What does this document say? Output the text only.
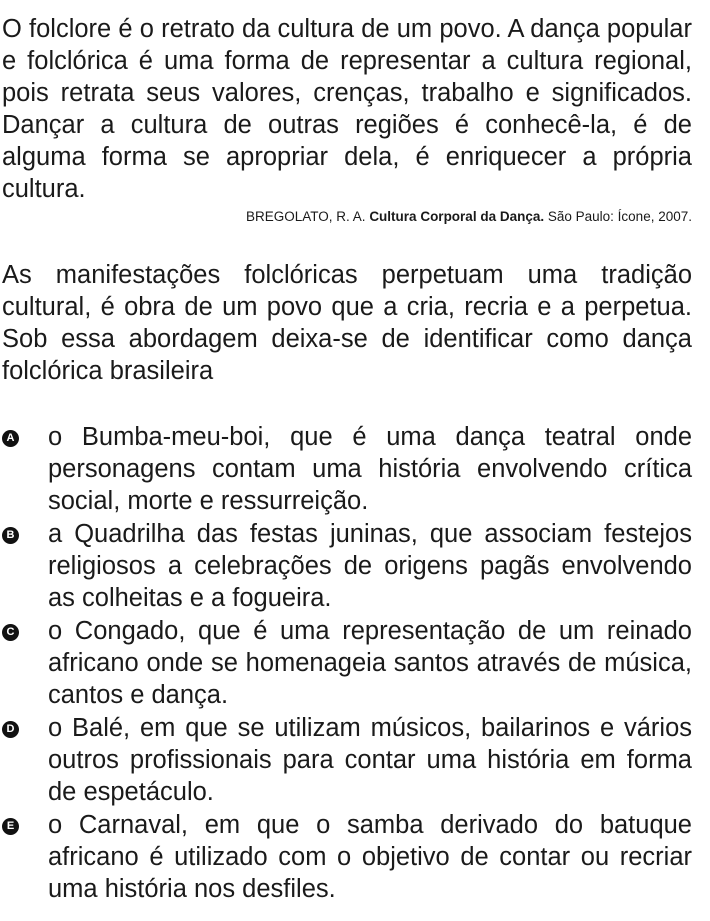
O folclore é o retrato da cultura de um povo. A dança popular e folclórica é uma forma de representar a cultura regional, pois retrata seus valores, crenças, trabalho e significados. Dançar a cultura de outras regiões é conhecê-la, é de alguma forma se apropriar dela, é enriquecer a própria cultura.

BREGOLATO, R. A. Cultura Corporal da Dança. São Paulo: Ícone, 2007.

As manifestações folclóricas perpetuam uma tradição cultural, é obra de um povo que a cria, recria e a perpetua. Sob essa abordagem deixa-se de identificar como dança folclórica brasileira

A o Bumba-meu-boi, que é uma dança teatral onde personagens contam uma história envolvendo crítica social, morte e ressurreição.
B a Quadrilha das festas juninas, que associam festejos religiosos a celebrações de origens pagãs envolvendo as colheitas e a fogueira.
C o Congado, que é uma representação de um reinado africano onde se homenageia santos através de música, cantos e dança.
D o Balé, em que se utilizam músicos, bailarinos e vários outros profissionais para contar uma história em forma de espetáculo.
E o Carnaval, em que o samba derivado do batuque africano é utilizado com o objetivo de contar ou recriar uma história nos desfiles.
